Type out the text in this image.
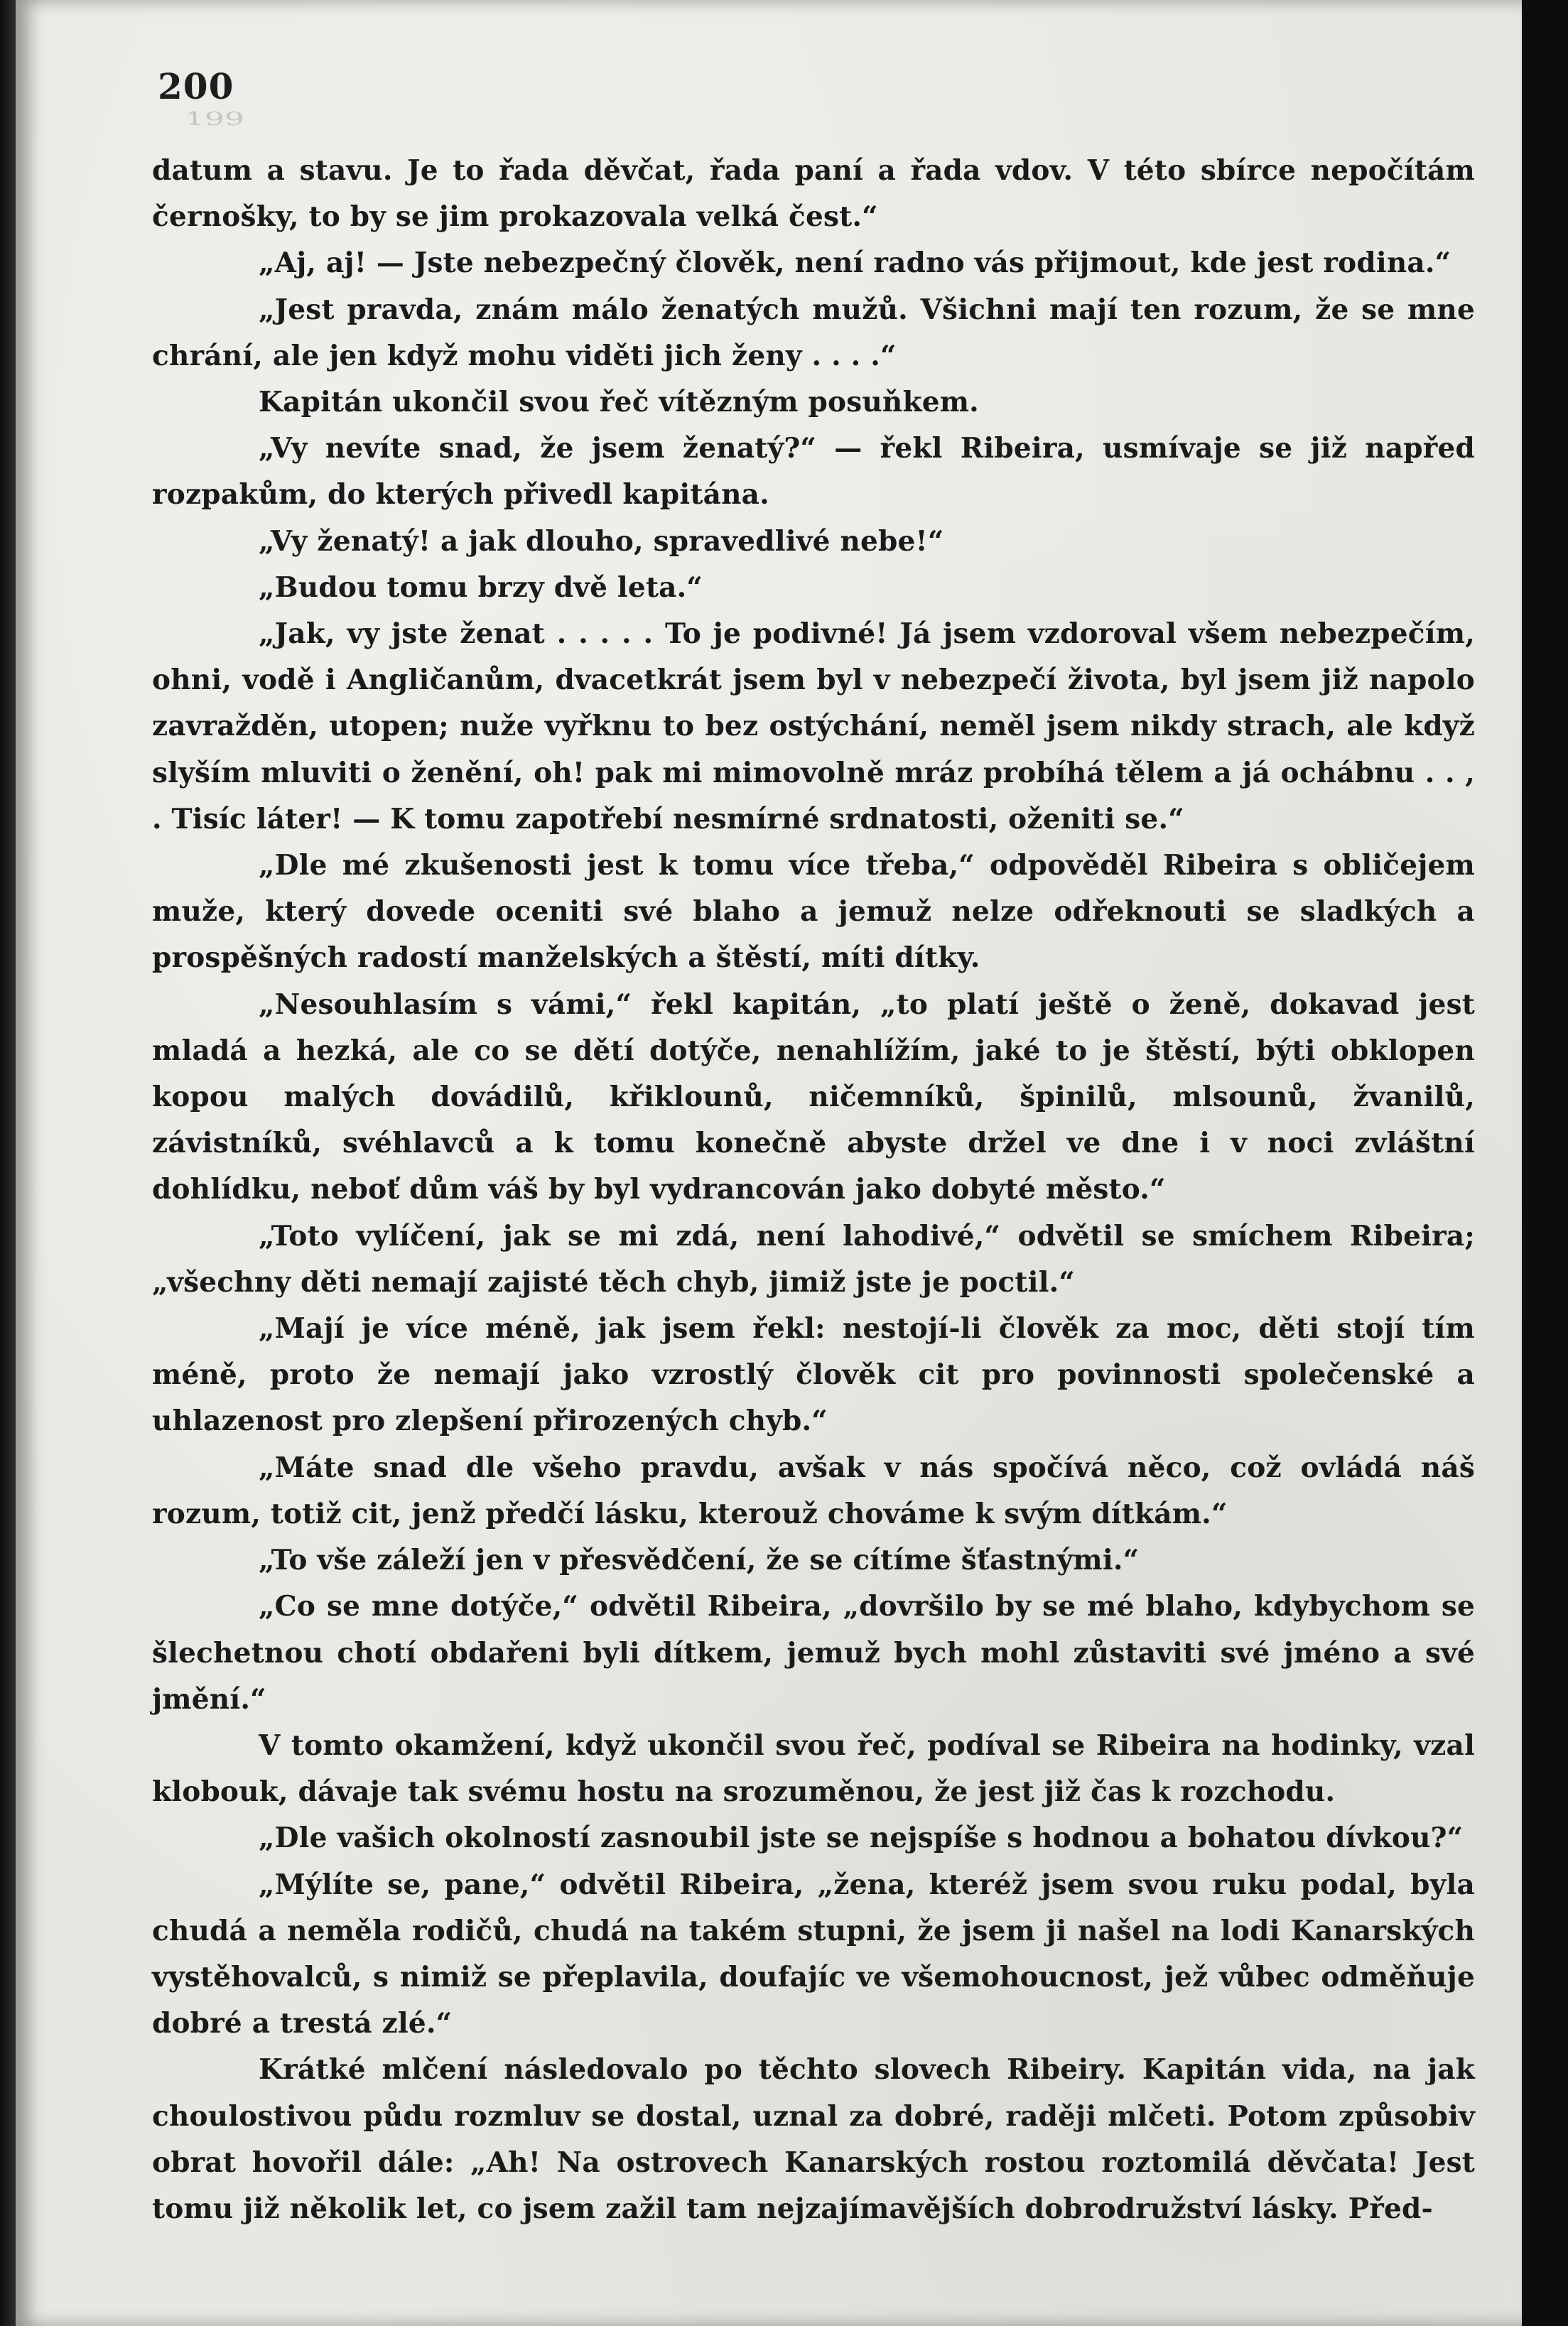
199
200

datum a stavu. Je to řada děvčat, řada paní a řada vdov. V této sbírce nepočítám černošky, to by se jim prokazovala velká čest.“

„Aj, aj! — Jste nebezpečný člověk, není radno vás přijmout, kde jest rodina.“

„Jest pravda, znám málo ženatých mužů. Všichni mají ten rozum, že se mne chrání, ale jen když mohu viděti jich ženy . . . .“

Kapitán ukončil svou řeč vítězným posuňkem.

„Vy nevíte snad, že jsem ženatý?“ — řekl Ribeira, usmívaje se již napřed rozpakům, do kterých přivedl kapitána.

„Vy ženatý! a jak dlouho, spravedlivé nebe!“

„Budou tomu brzy dvě leta.“

„Jak, vy jste ženat . . . . . To je podivné! Já jsem vzdoroval všem nebezpečím, ohni, vodě i Angličanům, dvacetkrát jsem byl v nebezpečí života, byl jsem již napolo zavražděn, utopen; nuže vyřknu to bez ostýchání, neměl jsem nikdy strach, ale když slyším mluviti o ženění, oh! pak mi mimovolně mráz probíhá tělem a já ochábnu . . , . Tisíc láter! — K tomu zapotřebí nesmírné srdnatosti, oženiti se.“

„Dle mé zkušenosti jest k tomu více třeba,“ odpověděl Ribeira s obličejem muže, který dovede oceniti své blaho a jemuž nelze odřeknouti se sladkých a prospěšných radostí manželských a štěstí, míti dítky.

„Nesouhlasím s vámi,“ řekl kapitán, „to platí ještě o ženě, dokavad jest mladá a hezká, ale co se dětí dotýče, nenahlížím, jaké to je štěstí, býti obklopen kopou malých dovádilů, křiklounů, ničemníků, špinilů, mlsounů, žvanilů, závistníků, svéhlavců a k tomu konečně abyste držel ve dne i v noci zvláštní dohlídku, neboť dům váš by byl vydrancován jako dobyté město.“

„Toto vylíčení, jak se mi zdá, není lahodivé,“ odvětil se smíchem Ribeira; „všechny děti nemají zajisté těch chyb, jimiž jste je poctil.“

„Mají je více méně, jak jsem řekl: nestojí-li člověk za moc, děti stojí tím méně, proto že nemají jako vzrostlý člověk cit pro povinnosti společenské a uhlazenost pro zlepšení přirozených chyb.“

„Máte snad dle všeho pravdu, avšak v nás spočívá něco, což ovládá náš rozum, totiž cit, jenž předčí lásku, kterouž chováme k svým dítkám.“

„To vše záleží jen v přesvědčení, že se cítíme šťastnými.“

„Co se mne dotýče,“ odvětil Ribeira, „dovršilo by se mé blaho, kdybychom se šlechetnou chotí obdařeni byli dítkem, jemuž bych mohl zůstaviti své jméno a své jmění.“

V tomto okamžení, když ukončil svou řeč, podíval se Ribeira na hodinky, vzal klobouk, dávaje tak svému hostu na srozuměnou, že jest již čas k rozchodu.

„Dle vašich okolností zasnoubil jste se nejspíše s hodnou a bohatou dívkou?“

„Mýlíte se, pane,“ odvětil Ribeira, „žena, kteréž jsem svou ruku podal, byla chudá a neměla rodičů, chudá na takém stupni, že jsem ji našel na lodi Kanarských vystěhovalců, s nimiž se přeplavila, doufajíc ve všemohoucnost, jež vůbec odměňuje dobré a trestá zlé.“

Krátké mlčení následovalo po těchto slovech Ribeiry. Kapitán vida, na jak choulostivou půdu rozmluv se dostal, uznal za dobré, raději mlčeti. Potom způsobiv obrat hovořil dále: „Ah! Na ostrovech Kanarských rostou roztomilá děvčata! Jest tomu již několik let, co jsem zažil tam nejzajímavějších dobrodružství lásky. Před-
